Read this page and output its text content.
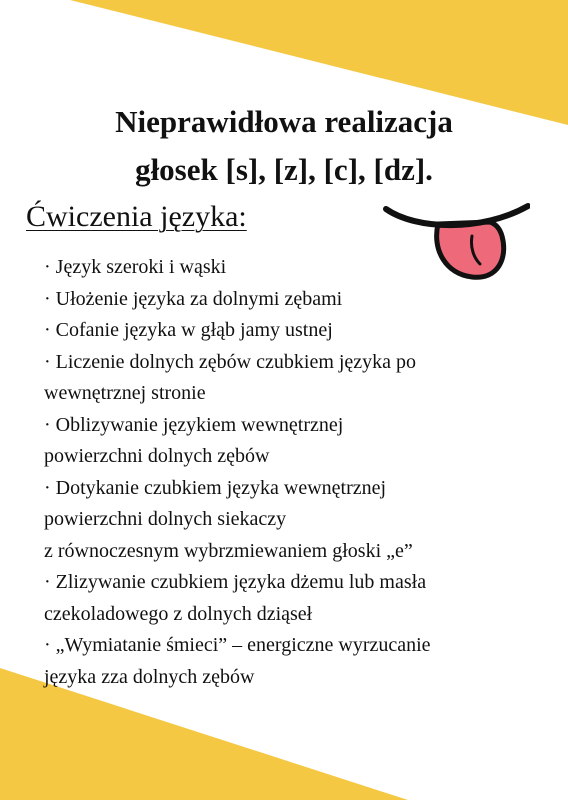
Nieprawidłowa realizacja
głosek [s], [z], [c], [dz].
Ćwiczenia języka:
· Język szeroki i wąski
· Ułożenie języka za dolnymi zębami
· Cofanie języka w głąb jamy ustnej
· Liczenie dolnych zębów czubkiem języka po
wewnętrznej stronie
· Oblizywanie językiem wewnętrznej
powierzchni dolnych zębów
· Dotykanie czubkiem języka wewnętrznej
powierzchni dolnych siekaczy
z równoczesnym wybrzmiewaniem głoski „e”
· Zlizywanie czubkiem języka dżemu lub masła
czekoladowego z dolnych dziąseł
· „Wymiatanie śmieci” – energiczne wyrzucanie
języka zza dolnych zębów
